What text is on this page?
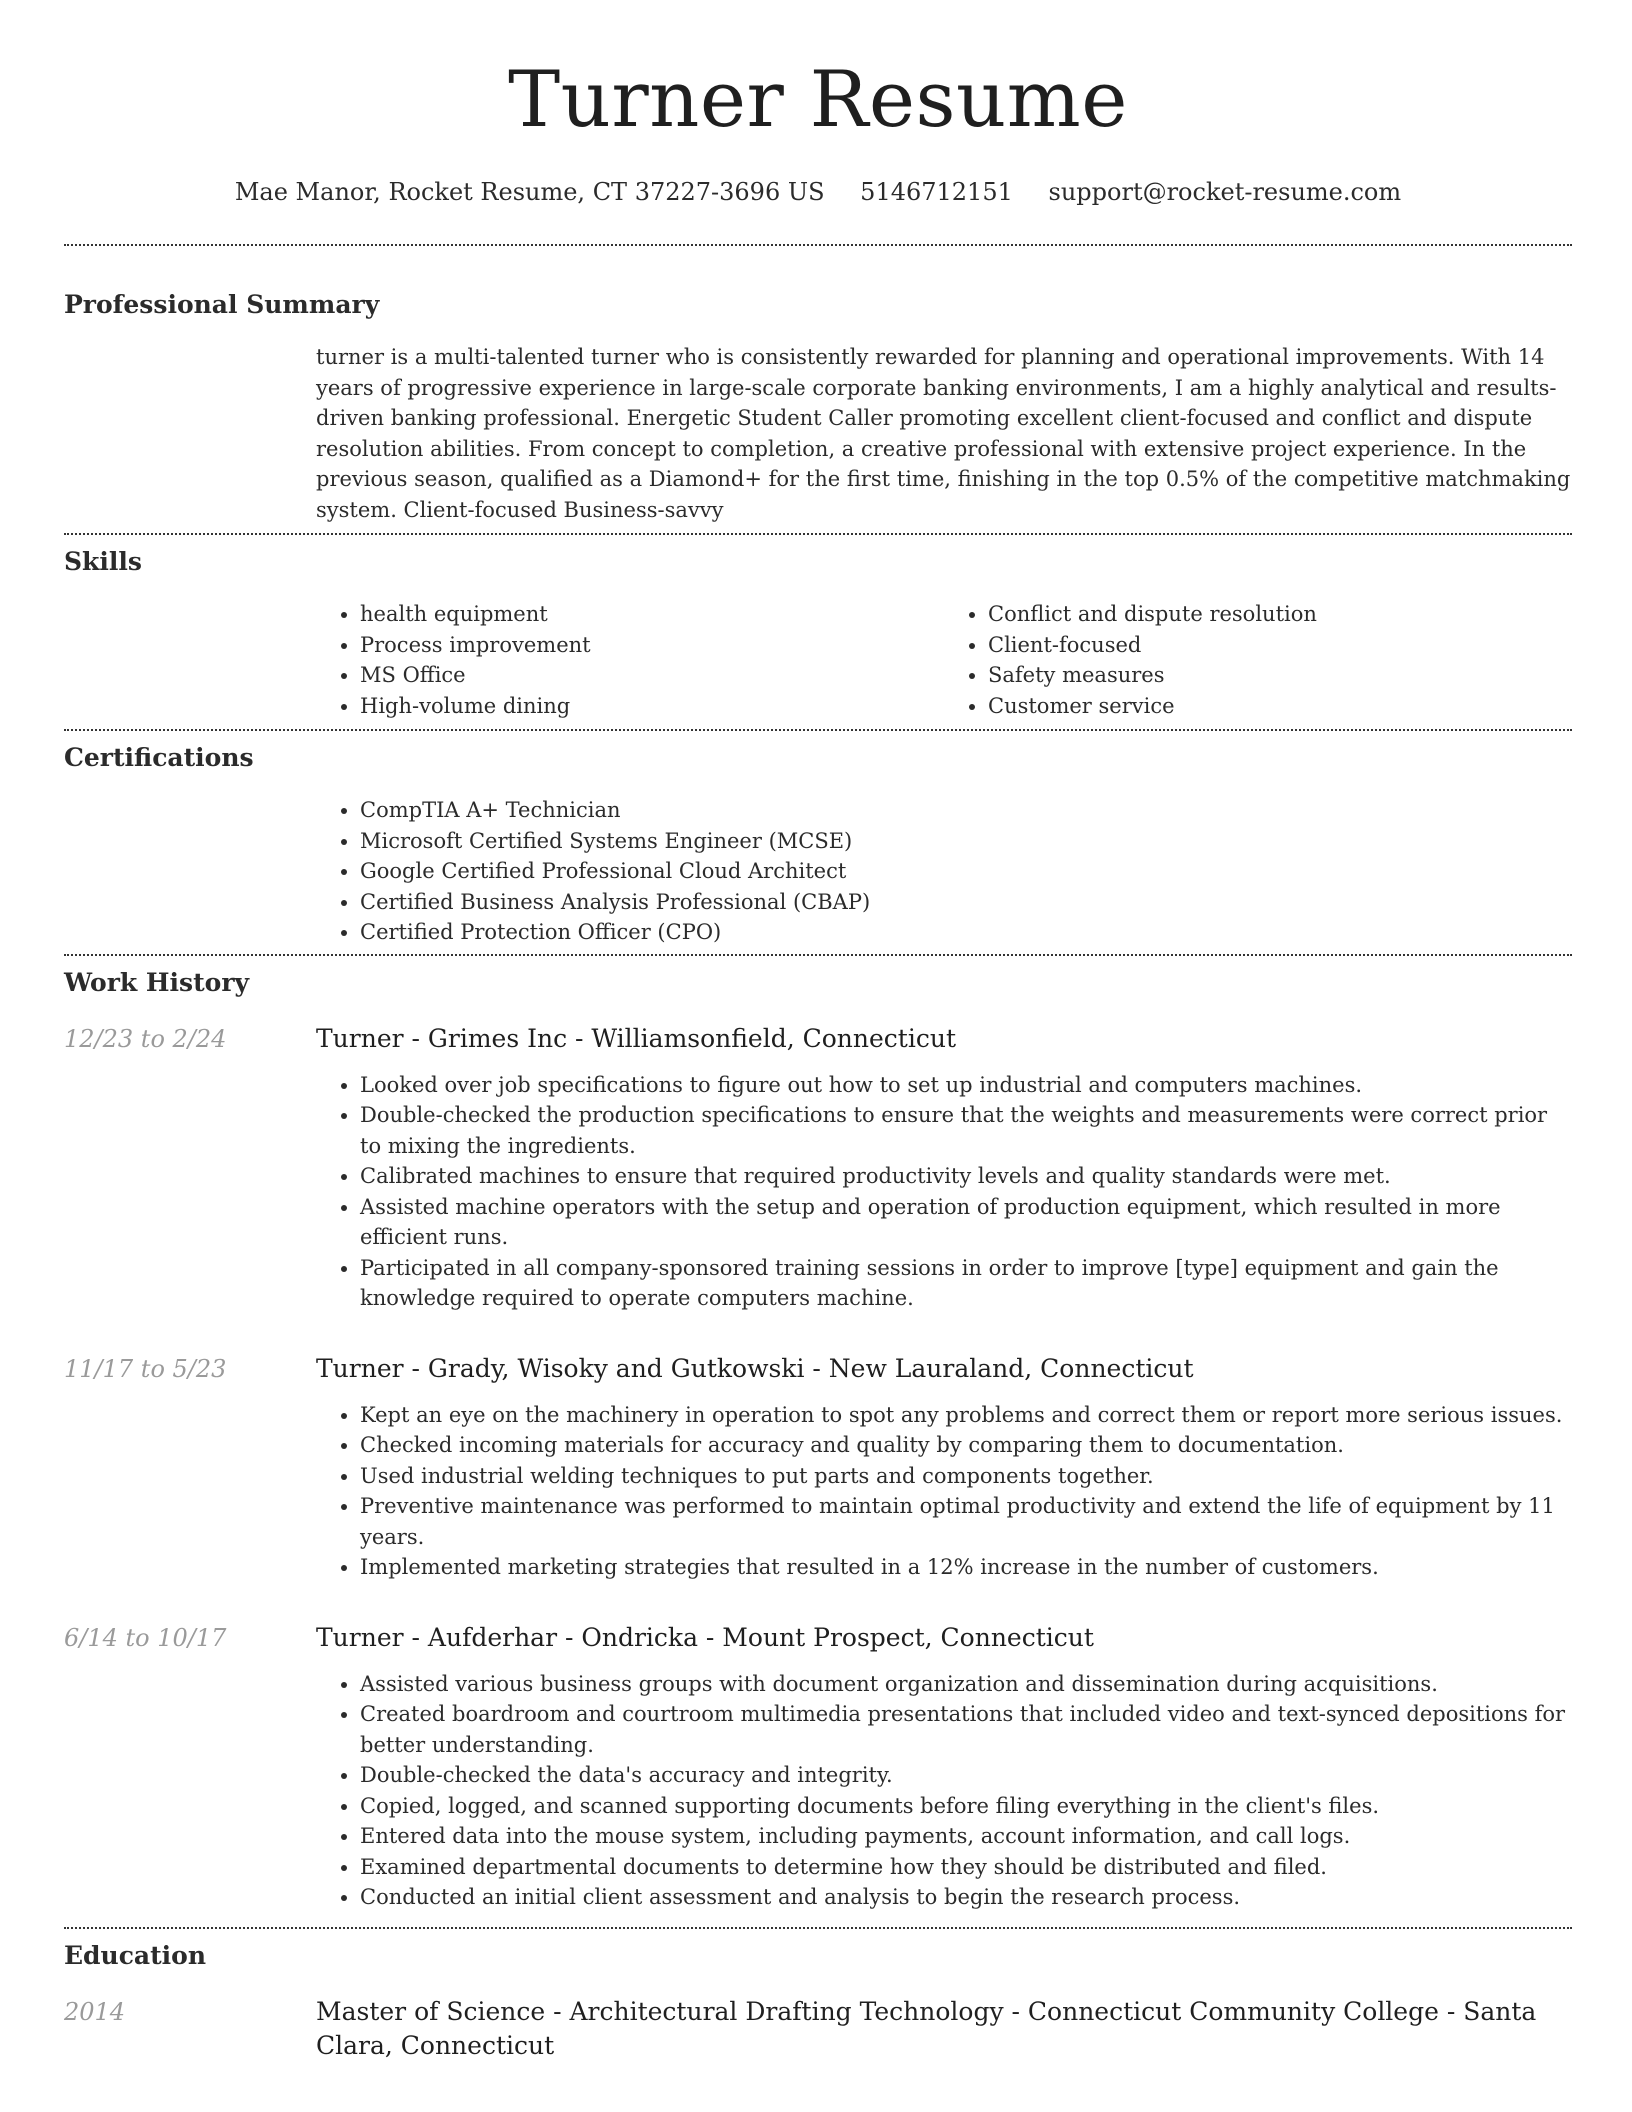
Turner Resume
Mae Manor, Rocket Resume, CT 37227-3696 US 5146712151 support@rocket-resume.com
Professional Summary
turner is a multi-talented turner who is consistently rewarded for planning and operational improvements. With 14 years of progressive experience in large-scale corporate banking environments, I am a highly analytical and results-driven banking professional. Energetic Student Caller promoting excellent client-focused and conflict and dispute resolution abilities. From concept to completion, a creative professional with extensive project experience. In the previous season, qualified as a Diamond+ for the first time, finishing in the top 0.5% of the competitive matchmaking system. Client-focused Business-savvy
Skills
• health equipment
• Process improvement
• MS Office
• High-volume dining
• Conflict and dispute resolution
• Client-focused
• Safety measures
• Customer service
Certifications
• CompTIA A+ Technician
• Microsoft Certified Systems Engineer (MCSE)
• Google Certified Professional Cloud Architect
• Certified Business Analysis Professional (CBAP)
• Certified Protection Officer (CPO)
Work History
12/23 to 2/24	Turner - Grimes Inc - Williamsonfield, Connecticut
• Looked over job specifications to figure out how to set up industrial and computers machines.
• Double-checked the production specifications to ensure that the weights and measurements were correct prior to mixing the ingredients.
• Calibrated machines to ensure that required productivity levels and quality standards were met.
• Assisted machine operators with the setup and operation of production equipment, which resulted in more efficient runs.
• Participated in all company-sponsored training sessions in order to improve [type] equipment and gain the knowledge required to operate computers machine.
11/17 to 5/23	Turner - Grady, Wisoky and Gutkowski - New Lauraland, Connecticut
• Kept an eye on the machinery in operation to spot any problems and correct them or report more serious issues.
• Checked incoming materials for accuracy and quality by comparing them to documentation.
• Used industrial welding techniques to put parts and components together.
• Preventive maintenance was performed to maintain optimal productivity and extend the life of equipment by 11 years.
• Implemented marketing strategies that resulted in a 12% increase in the number of customers.
6/14 to 10/17	Turner - Aufderhar - Ondricka - Mount Prospect, Connecticut
• Assisted various business groups with document organization and dissemination during acquisitions.
• Created boardroom and courtroom multimedia presentations that included video and text-synced depositions for better understanding.
• Double-checked the data's accuracy and integrity.
• Copied, logged, and scanned supporting documents before filing everything in the client's files.
• Entered data into the mouse system, including payments, account information, and call logs.
• Examined departmental documents to determine how they should be distributed and filed.
• Conducted an initial client assessment and analysis to begin the research process.
Education
2014	Master of Science - Architectural Drafting Technology - Connecticut Community College - Santa Clara, Connecticut
